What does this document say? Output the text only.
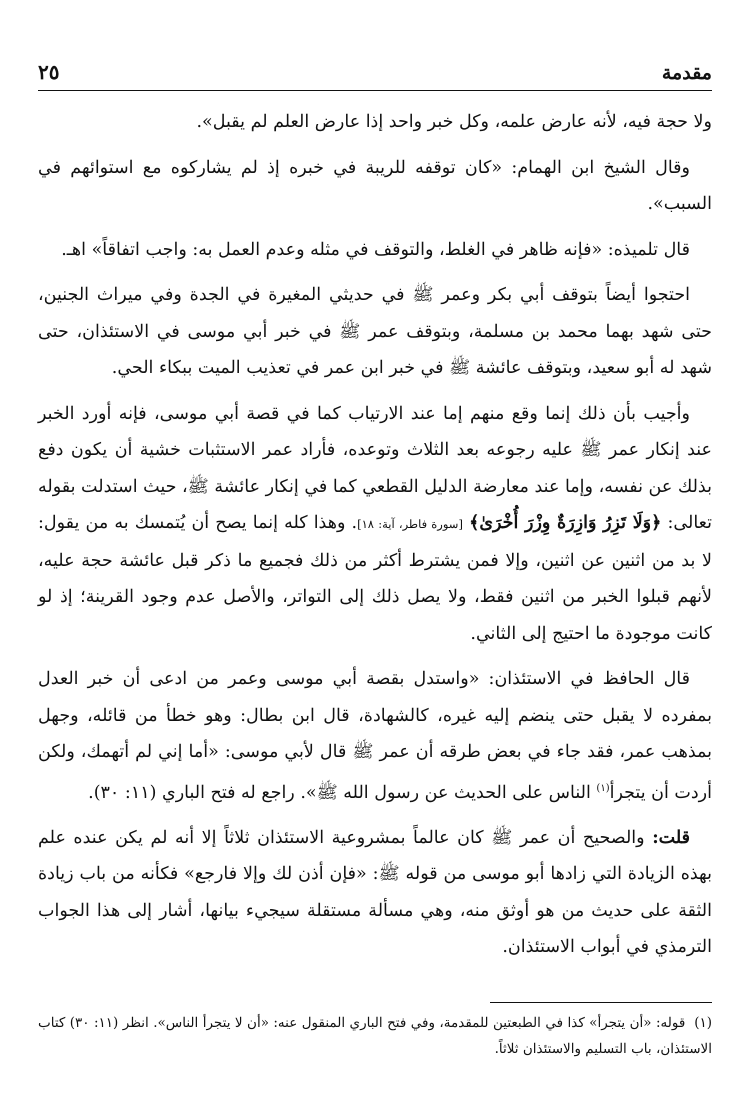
٢٥	مقدمة

ولا حجة فيه، لأنه عارض علمه، وكل خبر واحد إذا عارض العلم لم يقبل».

وقال الشيخ ابن الهمام: «كان توقفه للريبة في خبره إذ لم يشاركوه مع استوائهم في السبب».

قال تلميذه: «فإنه ظاهر في الغلط، والتوقف في مثله وعدم العمل به: واجب اتفاقاً» اهـ.

احتجوا أيضاً بتوقف أبي بكر وعمر ﷺ في حديثي المغيرة في الجدة وفي ميراث الجنين، حتى شهد بهما محمد بن مسلمة، وبتوقف عمر ﷺ في خبر أبي موسى في الاستئذان، حتى شهد له أبو سعيد، وبتوقف عائشة ﷺ في خبر ابن عمر في تعذيب الميت ببكاء الحي.

وأجيب بأن ذلك إنما وقع منهم إما عند الارتياب كما في قصة أبي موسى، فإنه أورد الخبر عند إنكار عمر ﷺ عليه رجوعه بعد الثلاث وتوعده، فأراد عمر الاستثبات خشية أن يكون دفع بذلك عن نفسه، وإما عند معارضة الدليل القطعي كما في إنكار عائشة ﷺ، حيث استدلت بقوله تعالى: ﴿وَلَا تَزِرُ وَازِرَةٌ وِزْرَ أُخْرَىٰ﴾ [سورة فاطر، آية: ١٨]. وهذا كله إنما يصح أن يُتمسك به من يقول: لا بد من اثنين عن اثنين، وإلا فمن يشترط أكثر من ذلك فجميع ما ذكر قبل عائشة حجة عليه، لأنهم قبلوا الخبر من اثنين فقط، ولا يصل ذلك إلى التواتر، والأصل عدم وجود القرينة؛ إذ لو كانت موجودة ما احتيج إلى الثاني.

قال الحافظ في الاستئذان: «واستدل بقصة أبي موسى وعمر من ادعى أن خبر العدل بمفرده لا يقبل حتى ينضم إليه غيره، كالشهادة، قال ابن بطال: وهو خطأ من قائله، وجهل بمذهب عمر، فقد جاء في بعض طرقه أن عمر ﷺ قال لأبي موسى: «أما إني لم أتهمك، ولكن أردت أن يتجرأ$^{(١)}$ الناس على الحديث عن رسول الله ﷺ». راجع له فتح الباري (١١: ٣٠).

قلت: والصحيح أن عمر ﷺ كان عالماً بمشروعية الاستئذان ثلاثاً إلا أنه لم يكن عنده علم بهذه الزيادة التي زادها أبو موسى من قوله ﷺ: «فإن أذن لك وإلا فارجع» فكأنه من باب زيادة الثقة على حديث من هو أوثق منه، وهي مسألة مستقلة سيجيء بيانها، أشار إلى هذا الجواب الترمذي في أبواب الاستئذان.

(١)  قوله: «أن يتجرأ» كذا في الطبعتين للمقدمة، وفي فتح الباري المنقول عنه: «أن لا يتجرأ الناس». انظر (١١: ٣٠) كتاب الاستئذان، باب التسليم والاستئذان ثلاثاً.
